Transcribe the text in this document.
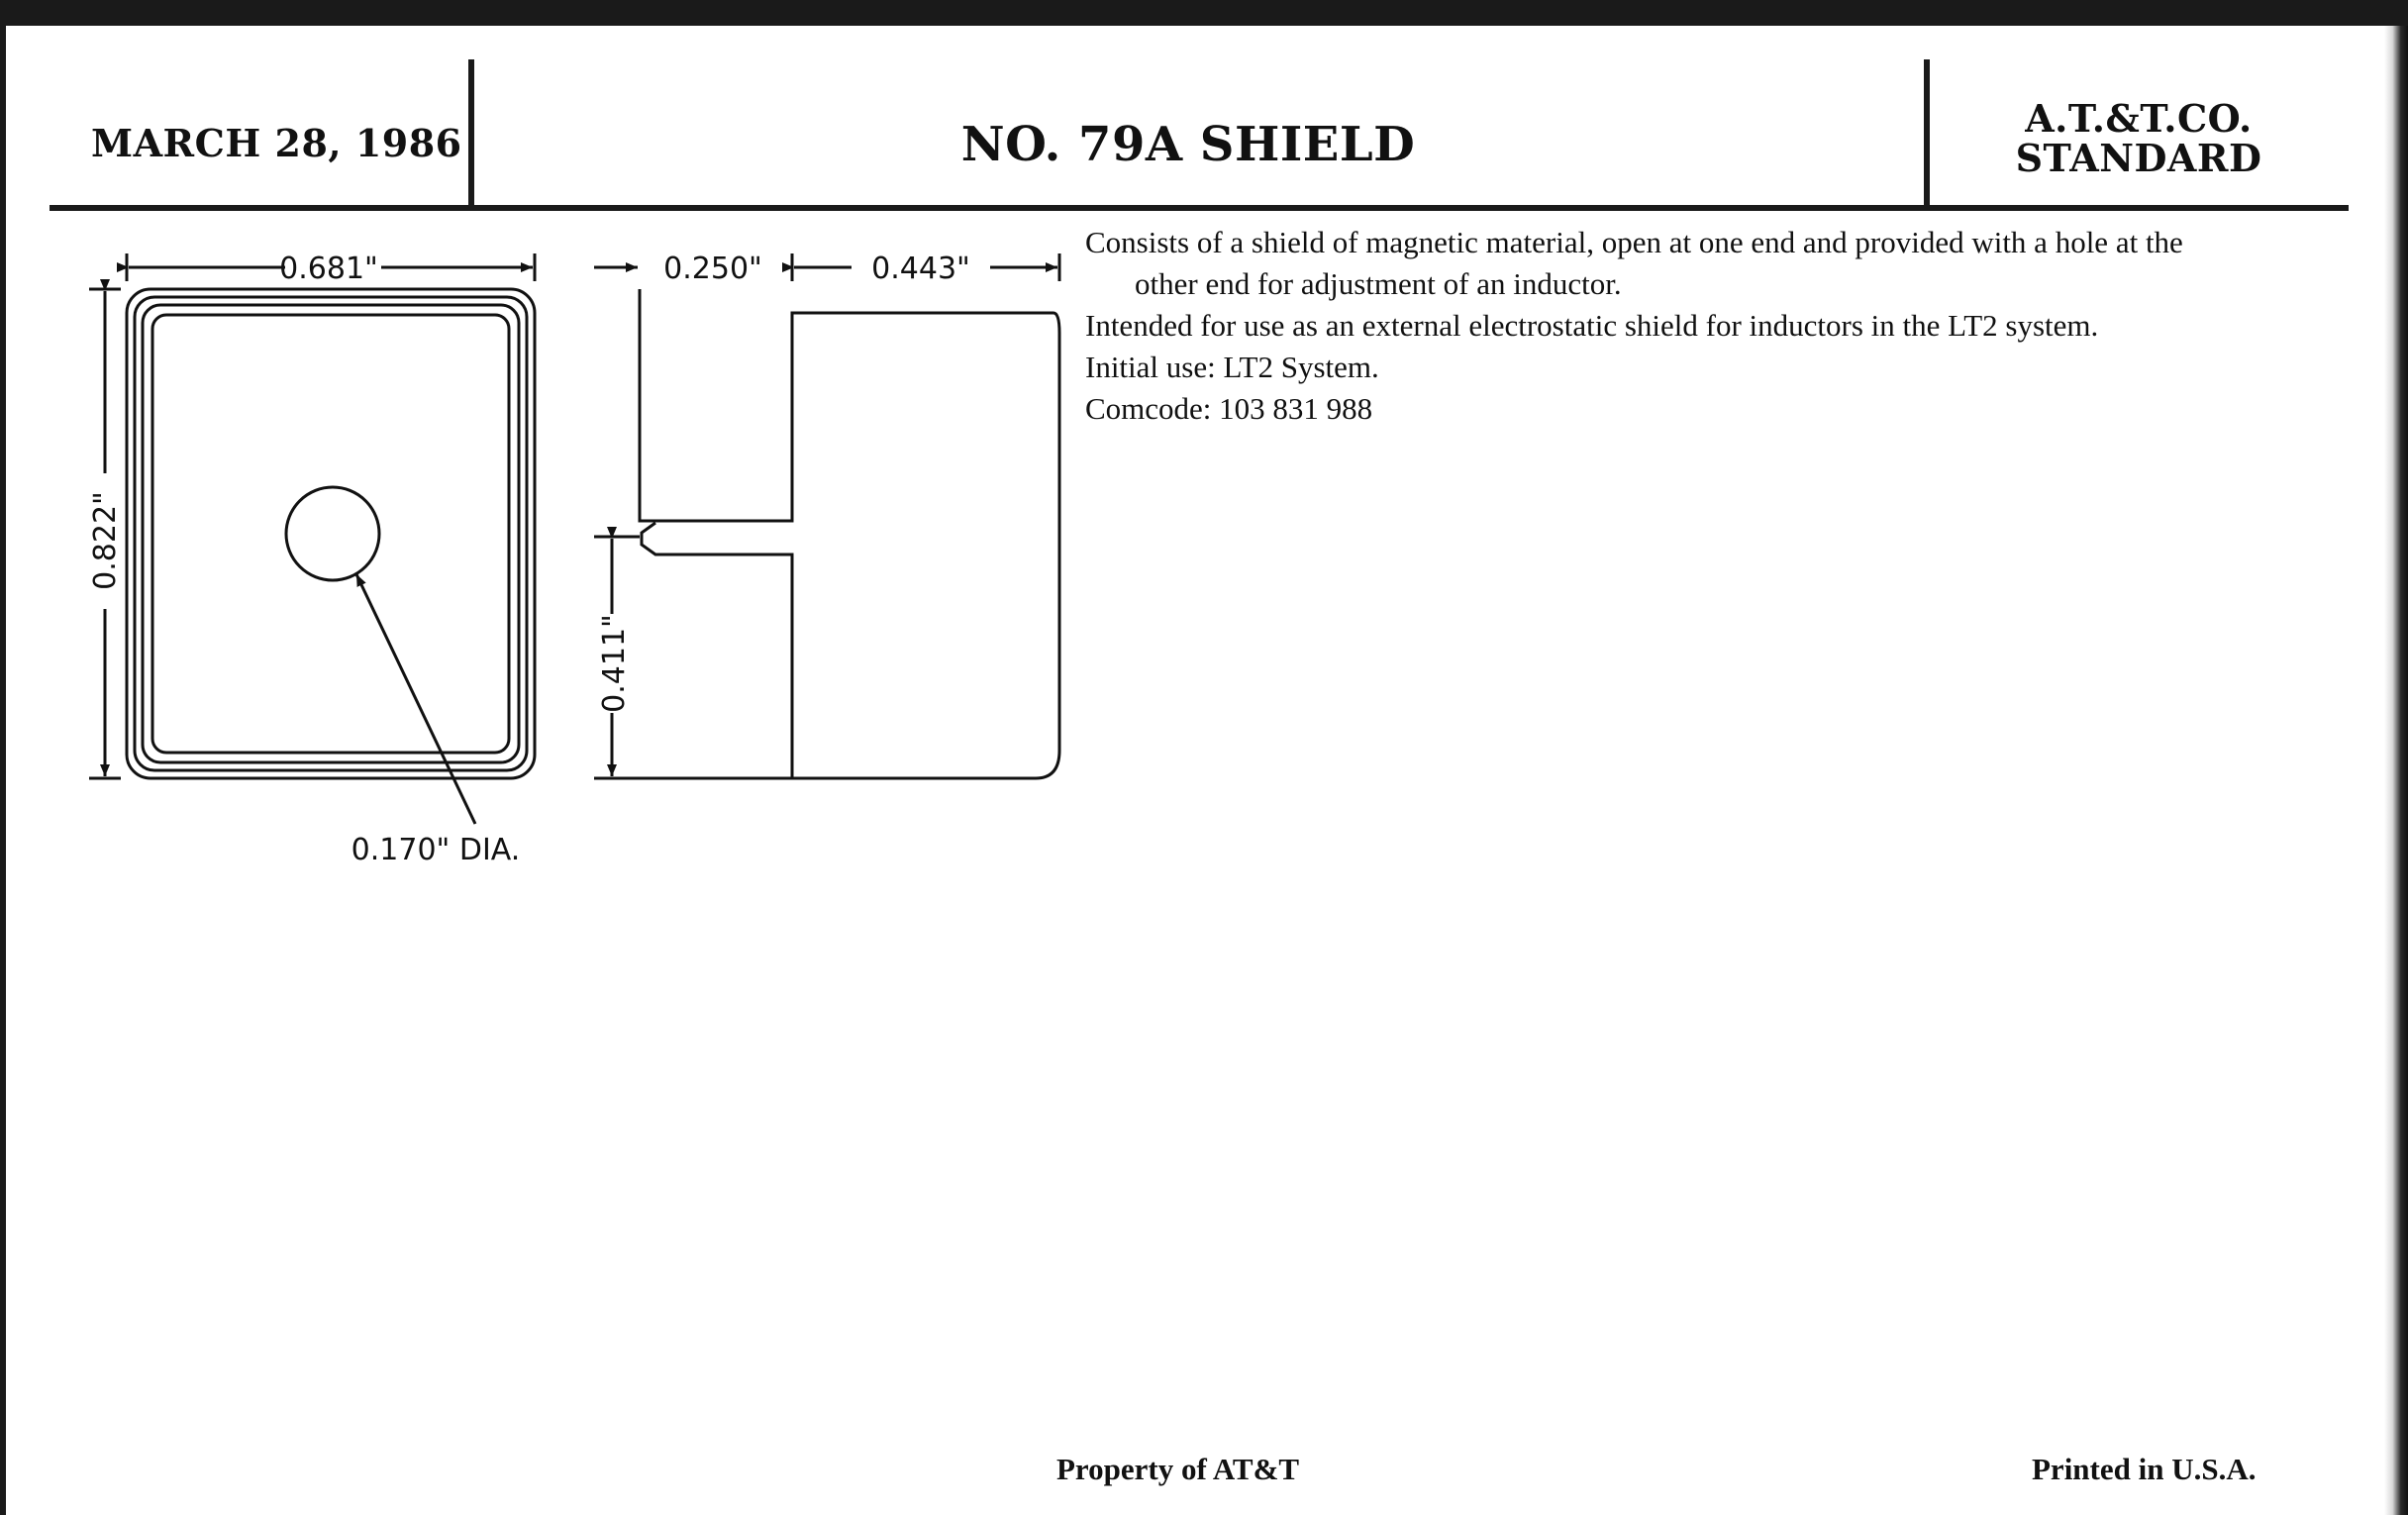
MARCH 28, 1986	NO. 79A SHIELD	A.T.&T.CO.
STANDARD
0.681"
0.822"
0.170" DIA.
0.250"	0.443"
0.411"

Consists of a shield of magnetic material, open at one end and provided with a hole at the

other end for adjustment of an inductor.

Intended for use as an external electrostatic shield for inductors in the LT2 system.

Initial use: LT2 System.

Comcode: 103 831 988

Property of AT&T	Printed in U.S.A.
